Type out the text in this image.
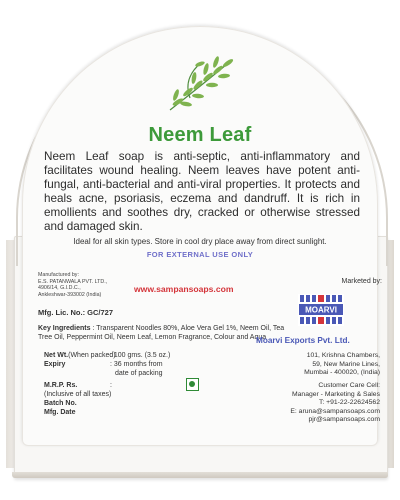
Neem Leaf
Neem Leaf soap is anti-septic, anti-inflammatory and facilitates wound healing. Neem leaves have potent anti-fungal, anti-bacterial and anti-viral properties. It protects and heals acne, psoriasis, eczema and dandruff. It is rich in emollients and soothes dry, cracked or otherwise stressed and damaged skin.
Ideal for all skin types. Store in cool dry place away from direct sunlight.
FOR EXTERNAL USE ONLY
Manufactured by:
E.S. PATANWALA PVT. LTD.,
4906/14, G.I.D.C.,
Ankleshwar-393002 (India)
Marketed by:
www.sampansoaps.com
Mfg. Lic. No.: GC/727
Key Ingredients : Transparent Noodles 80%, Aloe Vera Gel 1%, Neem Oil, Tea Tree Oil, Peppermint Oil, Neem Leaf, Lemon Fragrance, Colour and Aqua
Net Wt.(When packed)
: 100 gms. (3.5 oz.)
Expiry	: 36 months from
date of packing
M.R.P. Rs.	:
(Inclusive of all taxes)
Batch No.
Mfg. Date
MOARVI
Moarvi Exports Pvt. Ltd.
101, Krishna Chambers,
59, New Marine Lines,
Mumbai - 400020, (India)
Customer Care Cell:
Manager - Marketing & Sales
T: +91-22-22624562
E: aruna@sampansoaps.com
pjr@sampansoaps.com
